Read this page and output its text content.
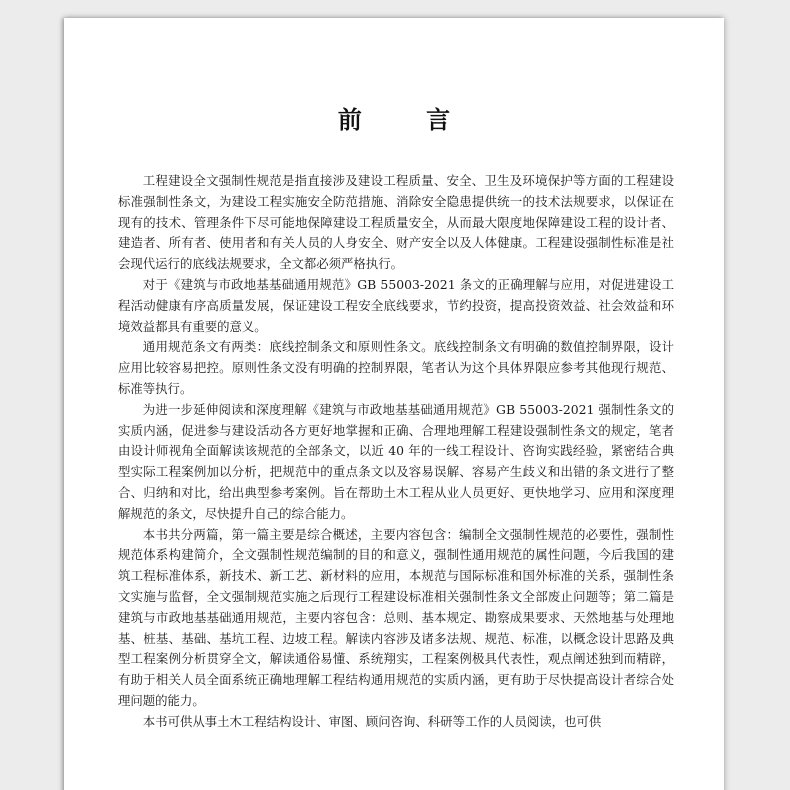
前 言

工程建设全文强制性规范是指直接涉及建设工程质量、安全、卫生及环境保护等方面的工程建设标准强制性条文，为建设工程实施安全防范措施、消除安全隐患提供统一的技术法规要求，以保证在现有的技术、管理条件下尽可能地保障建设工程质量安全，从而最大限度地保障建设工程的设计者、建造者、所有者、使用者和有关人员的人身安全、财产安全以及人体健康。工程建设强制性标准是社会现代运行的底线法规要求，全文都必须严格执行。

对于《建筑与市政地基基础通用规范》GB 55003-2021 条文的正确理解与应用，对促进建设工程活动健康有序高质量发展，保证建设工程安全底线要求，节约投资，提高投资效益、社会效益和环境效益都具有重要的意义。

通用规范条文有两类：底线控制条文和原则性条文。底线控制条文有明确的数值控制界限，设计应用比较容易把控。原则性条文没有明确的控制界限，笔者认为这个具体界限应参考其他现行规范、标准等执行。

为进一步延伸阅读和深度理解《建筑与市政地基基础通用规范》GB 55003-2021 强制性条文的实质内涵，促进参与建设活动各方更好地掌握和正确、合理地理解工程建设强制性条文的规定，笔者由设计师视角全面解读该规范的全部条文，以近 40 年的一线工程设计、咨询实践经验，紧密结合典型实际工程案例加以分析，把规范中的重点条文以及容易误解、容易产生歧义和出错的条文进行了整合、归纳和对比，给出典型参考案例。旨在帮助土木工程从业人员更好、更快地学习、应用和深度理解规范的条文，尽快提升自己的综合能力。

本书共分两篇，第一篇主要是综合概述，主要内容包含：编制全文强制性规范的必要性，强制性规范体系构建简介，全文强制性规范编制的目的和意义，强制性通用规范的属性问题，今后我国的建筑工程标准体系，新技术、新工艺、新材料的应用，本规范与国际标准和国外标准的关系，强制性条文实施与监督，全文强制规范实施之后现行工程建设标准相关强制性条文全部废止问题等；第二篇是建筑与市政地基基础通用规范，主要内容包含：总则、基本规定、勘察成果要求、天然地基与处理地基、桩基、基础、基坑工程、边坡工程。解读内容涉及诸多法规、规范、标准，以概念设计思路及典型工程案例分析贯穿全文，解读通俗易懂、系统翔实，工程案例极具代表性，观点阐述独到而精辟，有助于相关人员全面系统正确地理解工程结构通用规范的实质内涵，更有助于尽快提高设计者综合处理问题的能力。

本书可供从事土木工程结构设计、审图、顾问咨询、科研等工作的人员阅读，也可供
